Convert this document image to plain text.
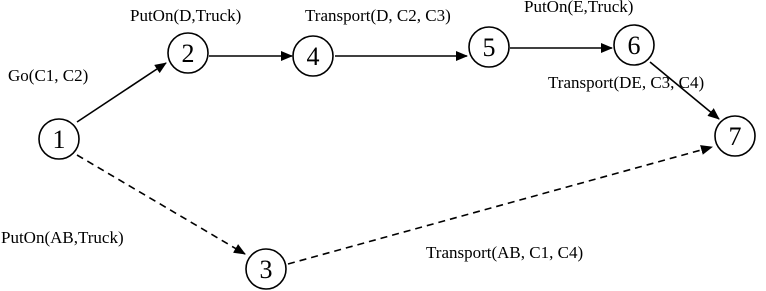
Go(C1, C2)
PutOn(D,Truck)	Transport(D, C2, C3)	PutOn(E,Truck)
Transport(DE, C3, C4)
PutOn(AB,Truck)
Transport(AB, C1, C4)
1
2
3
4	5	6
7
